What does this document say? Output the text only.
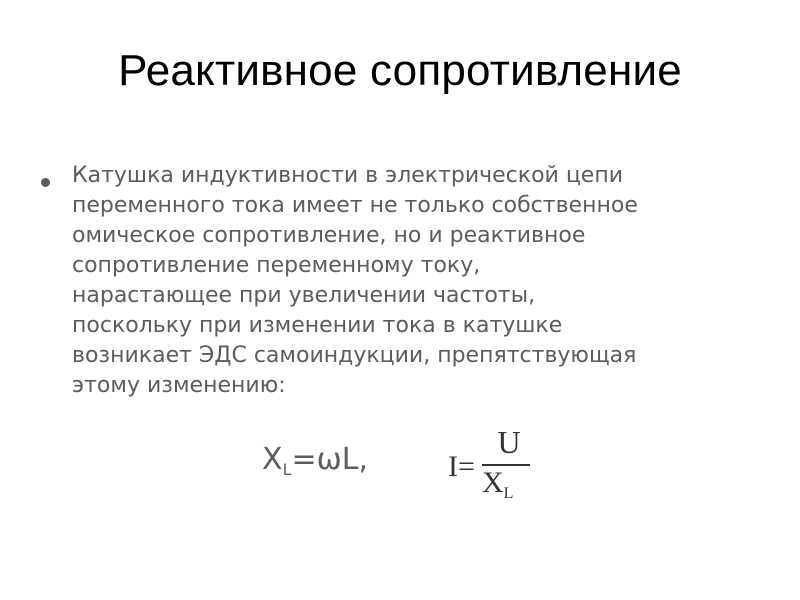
Реактивное сопротивление
Катушка индуктивности в электрической цепи
переменного тока имеет не только собственное
омическое сопротивление, но и реактивное
сопротивление переменному току,
нарастающее при увеличении частоты,
поскольку при изменении тока в катушке
возникает ЭДС самоиндукции, препятствующая
этому изменению:
$X_L=\omega L$,	I=
U
$X_L$
